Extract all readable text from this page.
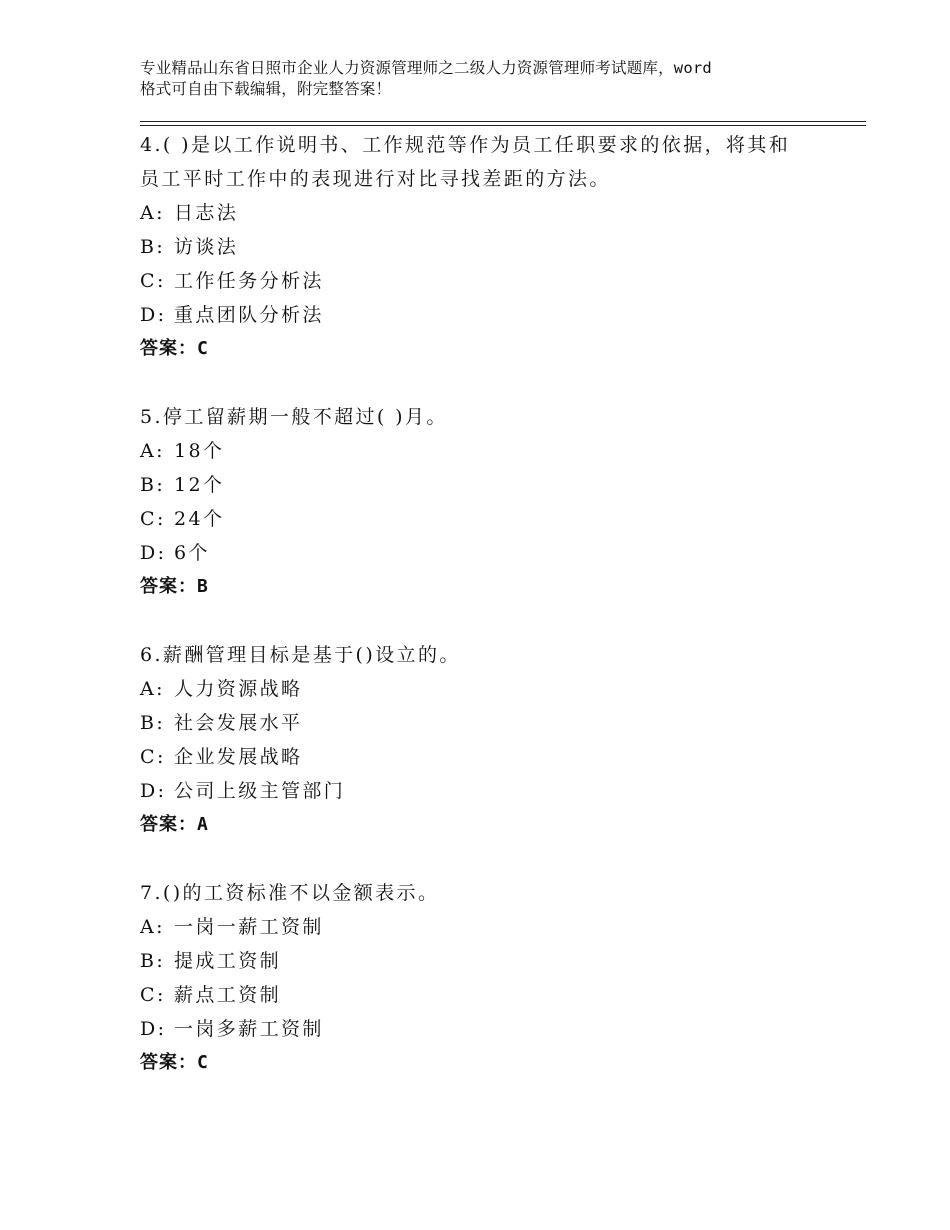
专业精品山东省日照市企业人力资源管理师之二级人力资源管理师考试题库，word
格式可自由下载编辑，附完整答案！
4.( )是以工作说明书、工作规范等作为员工任职要求的依据，将其和
员工平时工作中的表现进行对比寻找差距的方法。
A: 日志法
B: 访谈法
C: 工作任务分析法
D: 重点团队分析法
答案：C
5.停工留薪期一般不超过( )月。
A: 18个
B: 12个
C: 24个
D: 6个
答案：B
6.薪酬管理目标是基于()设立的。
A: 人力资源战略
B: 社会发展水平
C: 企业发展战略
D: 公司上级主管部门
答案：A
7.()的工资标准不以金额表示。
A: 一岗一薪工资制
B: 提成工资制
C: 薪点工资制
D: 一岗多薪工资制
答案：C
